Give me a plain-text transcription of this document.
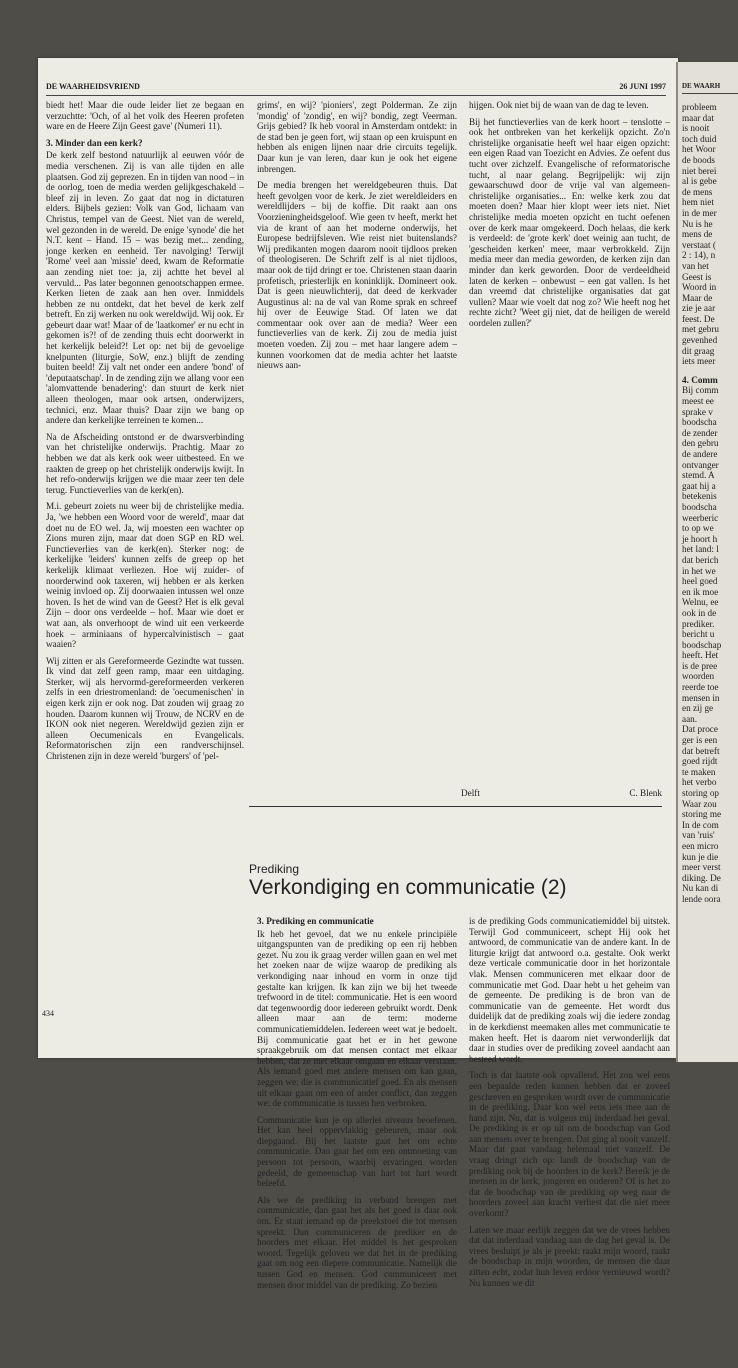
DE WAARHEIDSVRIEND	26 JUNI 1997

biedt het! Maar die oude leider liet ze begaan en verzuchtte: 'Och, of al het volk des Heeren profeten ware en de Heere Zijn Geest gave' (Numeri 11).

3. Minder dan een kerk?

De kerk zelf bestond natuurlijk al eeuwen vóór de media verschenen. Zij is van alle tijden en alle plaatsen. God zij geprezen. En in tijden van nood – in de oorlog, toen de media werden gelijkgeschakeld – bleef zij in leven. Zo gaat dat nog in dictaturen elders. Bijbels gezien: Volk van God, lichaam van Christus, tempel van de Geest. Niet van de wereld, wel gezonden in de wereld. De enige 'synode' die het N.T. kent – Hand. 15 – was bezig met... zending, jonge kerken en eenheid. Ter navolging! Terwijl 'Rome' veel aan 'missie' deed, kwam de Reformatie aan zending niet toe: ja, zij achtte het bevel al vervuld... Pas later begonnen genootschappen ermee. Kerken lieten de zaak aan hen over. Inmiddels hebben ze nu ontdekt, dat het bevel de kerk zelf betreft. En zij werken nu ook wereldwijd. Wij ook. Er gebeurt daar wat! Maar of de 'laatkomer' er nu echt in gekomen is?! of de zending thuis echt doorwerkt in het kerkelijk beleid?! Let op: net bij de gevoelige knelpunten (liturgie, SoW, enz.) blijft de zending buiten beeld! Zij valt net onder een andere 'bond' of 'deputaatschap'. In de zending zijn we allang voor een 'alomvattende benadering': dan stuurt de kerk niet alleen theologen, maar ook artsen, onderwijzers, technici, enz. Maar thuis? Daar zijn we bang op andere dan kerkelijke terreinen te komen...

Na de Afscheiding ontstond er de dwarsverbinding van het christelijke onderwijs. Prachtig. Maar zo hebben we dat als kerk ook weer uitbesteed. En we raakten de greep op het christelijk onderwijs kwijt. In het refo-onderwijs krijgen we die maar zeer ten dele terug. Functieverlies van de kerk(en).

M.i. gebeurt zoiets nu weer bij de christelijke media. Ja, 'we hebben een Woord voor de wereld', maar dat doet nu de EO wel. Ja, wij moesten een wachter op Zions muren zijn, maar dat doen SGP en RD wel. Functieverlies van de kerk(en). Sterker nog: de kerkelijke 'leiders' kunnen zelfs de greep op het kerkelijk klimaat verliezen. Hoe wij zuider- of noorderwind ook taxeren, wij hebben er als kerken weinig invloed op. Zij doorwaaien intussen wel onze hoven. Is het de wind van de Geest? Het is elk geval Zijn – door ons verdeelde – hof. Maar wie doet er wat aan, als onverhoopt de wind uit een verkeerde hoek – arminiaans of hypercalvinistisch – gaat waaien?

Wij zitten er als Gereformeerde Gezindte wat tussen. Ik vind dat zelf geen ramp, maar een uitdaging. Sterker, wij als hervormd-gereformeerden verkeren zelfs in een driestromenland: de 'oecumenischen' in eigen kerk zijn er ook nog. Dat zouden wij graag zo houden. Daarom kunnen wij Trouw, de NCRV en de IKON ook niet negeren. Wereldwijd gezien zijn er alleen Oecumenicals en Evangelicals. Reformatorischen zijn een randverschijnsel. Christenen zijn in deze wereld 'burgers' of 'pel-

grims', en wij? 'pioniers', zegt Polderman. Ze zijn 'mondig' of 'zondig', en wij? bondig, zegt Veerman. Grijs gebied? Ik heb vooral in Amsterdam ontdekt: in de stad ben je geen fort, wij staan op een kruispunt en hebben als enigen lijnen naar drie circuits tegelijk. Daar kun je van leren, daar kun je ook het eigene inbrengen.

De media brengen het wereldgebeuren thuis. Dat heeft gevolgen voor de kerk. Je ziet wereldleiders en wereldlijders – bij de koffie. Dit raakt aan ons Voorzieningheidsgeloof. Wie geen tv heeft, merkt het via de krant of aan het moderne onderwijs, het Europese bedrijfsleven. Wie reist niet buitenslands? Wij predikanten mogen daarom nooit tijdloos preken of theologiseren. De Schrift zelf is al niet tijdloos, maar ook de tijd dringt er toe. Christenen staan daarin profetisch, priesterlijk en koninklijk. Domineert ook. Dat is geen nieuwlichterij, dat deed de kerkvader Augustinus al: na de val van Rome sprak en schreef hij over de Eeuwige Stad. Of laten we dat commentaar ook over aan de media? Weer een functieverlies van de kerk. Zij zou de media juist moeten voeden. Zij zou – met haar langere adem – kunnen voorkomen dat de media achter het laatste nieuws aan-

hijgen. Ook niet bij de waan van de dag te leven.

Bij het functieverlies van de kerk hoort – tenslotte – ook het ontbreken van het kerkelijk opzicht. Zo'n christelijke organisatie heeft wel haar eigen opzicht: een eigen Raad van Toezicht en Advies. Ze oefent dus tucht over zichzelf. Evangelische of reformatorische tucht, al naar gelang. Begrijpelijk: wij zijn gewaarschuwd door de vrije val van algemeen-christelijke organisaties... En: welke kerk zou dat moeten doen? Maar hier klopt weer iets niet. Niet christelijke media moeten opzicht en tucht oefenen over de kerk maar omgekeerd. Doch helaas, die kerk is verdeeld: de 'grote kerk' doet weinig aan tucht, de 'gescheiden kerken' meer, maar verbrokkeld. Zijn media meer dan media geworden, de kerken zijn dan minder dan kerk geworden. Door de verdeeldheid laten de kerken – onbewust – een gat vallen. Is het dan vreemd dat christelijke organisaties dat gat vullen? Maar wie voelt dat nog zo? Wie heeft nog het rechte zicht? 'Weet gij niet, dat de heiligen de wereld oordelen zullen?'

Delft	C. Blenk
Prediking
Verkondiging en communicatie (2)
3. Prediking en communicatie

Ik heb het gevoel, dat we nu enkele principiële uitgangspunten van de prediking op een rij hebben gezet. Nu zou ik graag verder willen gaan en wel met het zoeken naar de wijze waarop de prediking als verkondiging naar inhoud en vorm in onze tijd gestalte kan krijgen. Ik kan zijn we bij het tweede trefwoord in de titel: communicatie. Het is een woord dat tegenwoordig door iedereen gebruikt wordt. Denk alleen maar aan de term: moderne communicatiemiddelen. Iedereen weet wat je bedoelt. Bij communicatie gaat het er in het gewone spraakgebruik om dat mensen contact met elkaar hebben, dat ze met elkaar omgaan en elkaar verstaan. Als iemand goed met andere mensen om kan gaan, zeggen we: die is communicatief goed. En als mensen uit elkaar gaan om een of ander conflict, dan zeggen we: de communicatie is tussen hen verbroken.

Communicatie kun je op allerlei niveaus beoefenen. Het kan heel oppervlakkig gebeuren, maar ook diepgaand. Bij het laatste gaat het om echte communicatie. Dan gaat het om een ontmoeting van persoon tot persoon, waarbij ervaringen worden gedeeld, de gemeenschap van hart tot hart wordt beleefd.

Als we de prediking in verband brengen met communicatie, dan gaat het als het goed is daar ook om. Er staat iemand op de preekstoel die tot mensen spreekt. Dan communiceren de prediker en de hoorders met elkaar. Het middel is het gesproken woord. Tegelijk geloven we dat het in de prediking gaat om nog een diepere communicatie. Namelijk die tussen God en mensen. God communiceert met mensen door middel van de prediking. Zo bezien

is de prediking Gods communicatiemiddel bij uitstek. Terwijl God communiceert, schept Hij ook het antwoord, de communicatie van de andere kant. In de liturgie krijgt dat antwoord o.a. gestalte. Ook werkt deze verticale communicatie door in het horizontale vlak. Mensen communiceren met elkaar door de communicatie met God. Daar hebt u het geheim van de gemeente. De prediking is de bron van de communicatie van de gemeente. Het wordt dus duidelijk dat de prediking zoals wij die iedere zondag in de kerkdienst meemaken alles met communicatie te maken heeft. Het is daarom niet verwonderlijk dat daar in studies over de prediking zoveel aandacht aan besteed wordt.

Toch is dat laatste ook opvallend. Het zou wel eens een bepaalde reden kunnen hebben dat er zoveel geschreven en gesproken wordt over de communicatie in de prediking. Daar kon wel eens iets mee aan de hand zijn. Nu, dat is volgens mij inderdaad het geval. De prediking is er op uit om de boodschap van God aan mensen over te brengen. Dat ging al nooit vanzelf. Maar dat gaat vandaag helemaal niet vanzelf. De vraag dringt zich op: landt de boodschap van de prediking ook bij de hoorders in de kerk? Bereik je de mensen in de kerk, jongeren en ouderen? Of is het zo dat de boodschap van de prediking op weg naar de hoorders zoveel aan kracht verliest dat die niet meer overkomt?

Laten we maar eerlijk zeggen dat we de vrees hebben dat dat inderdaad vandaag aan de dag het geval is. De vrees besluipt je als je preekt: raakt mijn woord, raakt de boodschap in mijn woorden, de mensen die daar zitten echt, zodat hun leven erdoor vernieuwd wordt? Nu kunnen we dit

434
DE WAARH
probleem
maar dat
is nooit
toch duid
het Woor
de boods
niet berei
al is gebe
de mens
hem niet
in de mer
Nu is he
mens de
verstaat (
2 : 14), n
van het
Geest is
Woord in
Maar de
zie je aar
feest. De
met gebru
gevenhed
dit graag
iets meer
4. Comm
Bij comm
meest ee
sprake v
boodscha
de zender
den gebru
de andere
ontvanger
stemd. A
gaat hij a
betekenis
boodscha
weerberic
to op we
je hoort h
het land: l
dat berich
in het we
heel goed
en ik moe
Welnu, ee
ook in de
prediker.
bericht u
boodschap
heeft. Het
is de pree
woorden
reerde toe
mensen in
en zij ge
aan.
Dat proce
ger is een
dat betreft
goed rijdt
te maken
het verbo
storing op
Waar zou
storing me
In de com
van 'ruis'
een micro
kun je die
meer verst
diking. De
Nu kan di
lende oora
